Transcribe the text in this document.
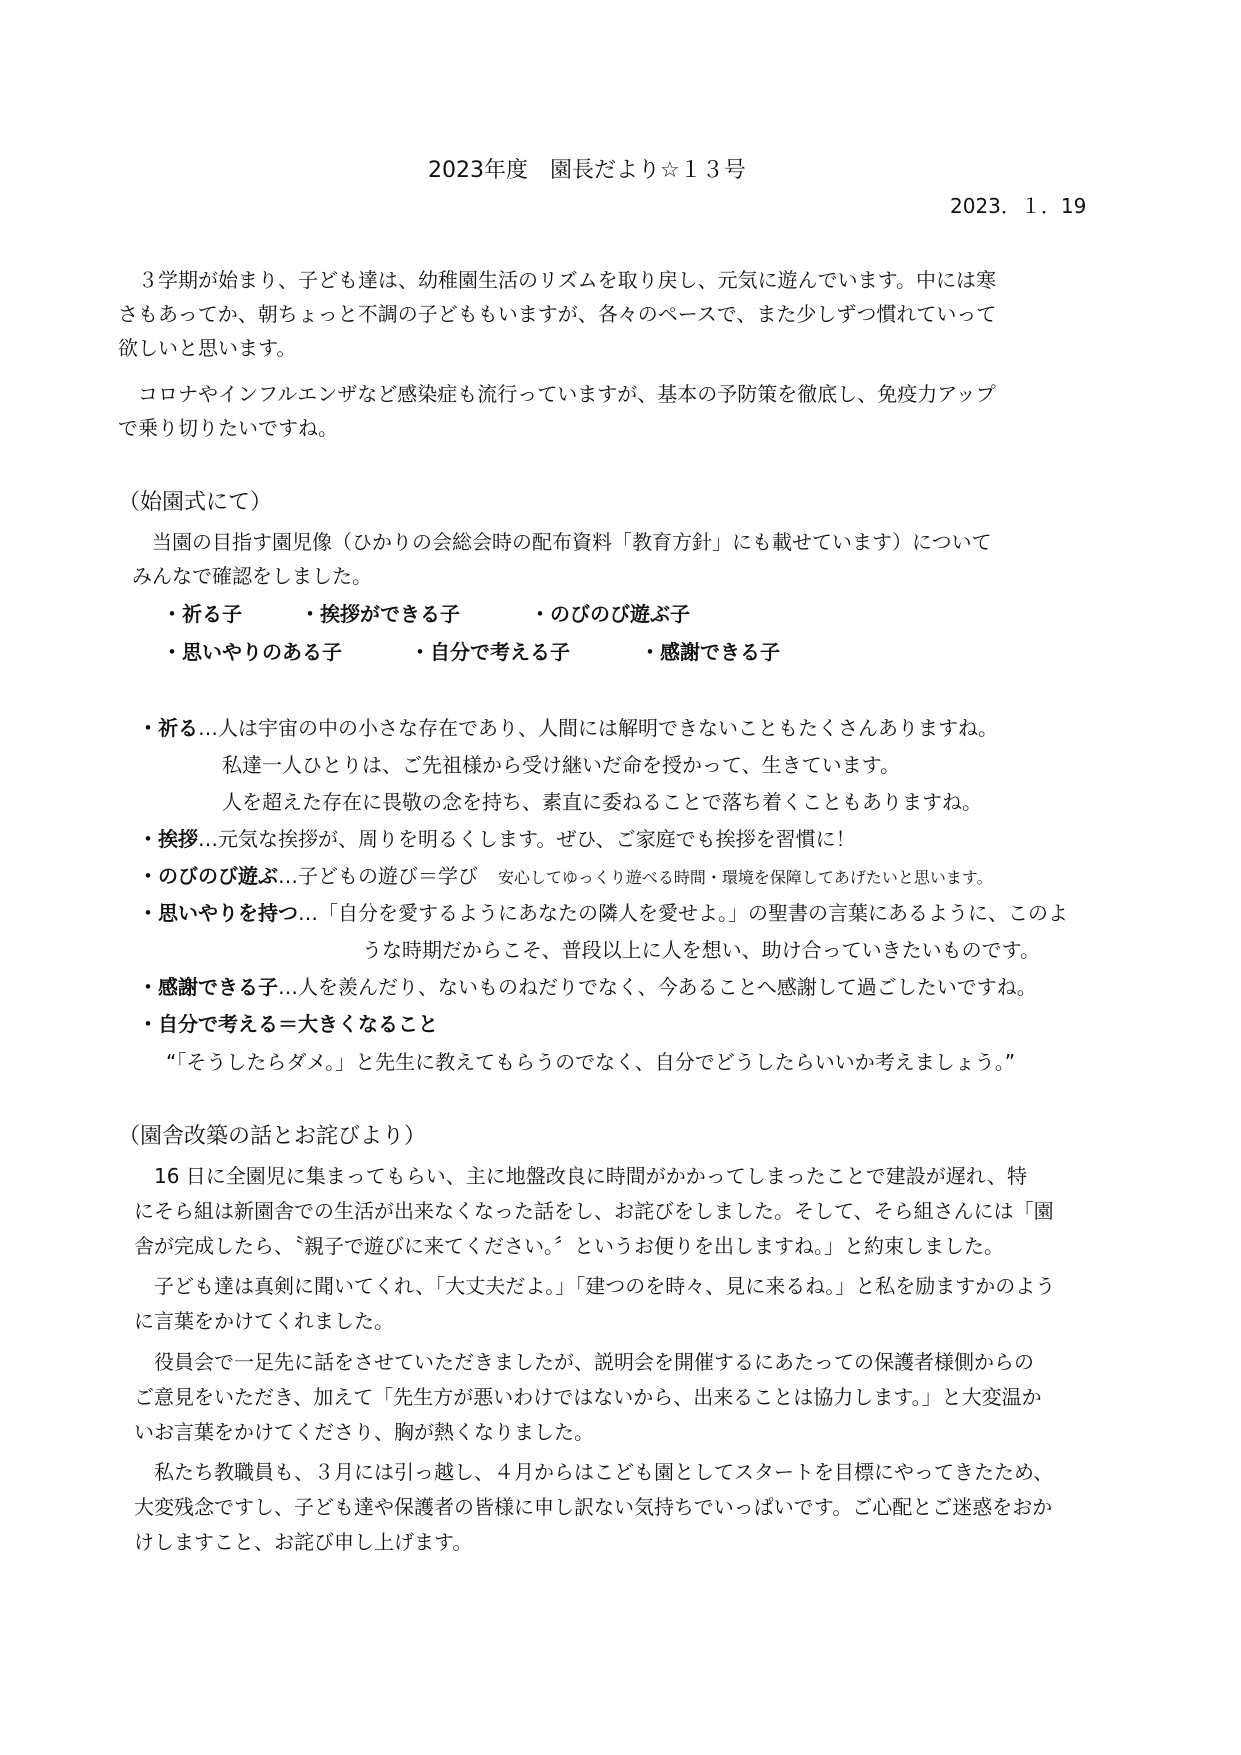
2023年度　園長だより☆１３号
2023．１．19
　３学期が始まり、子ども達は、幼稚園生活のリズムを取り戻し、元気に遊んでいます。中には寒
さもあってか、朝ちょっと不調の子どももいますが、各々のペースで、また少しずつ慣れていって
欲しいと思います。
　コロナやインフルエンザなど感染症も流行っていますが、基本の予防策を徹底し、免疫力アップ
で乗り切りたいですね。
（始園式にて）
　当園の目指す園児像（ひかりの会総会時の配布資料「教育方針」にも載せています）について
みんなで確認をしました。
・祈る子	・挨拶ができる子	・のびのび遊ぶ子
・思いやりのある子	・自分で考える子	・感謝できる子
・祈る…人は宇宙の中の小さな存在であり、人間には解明できないこともたくさんありますね。
私達一人ひとりは、ご先祖様から受け継いだ命を授かって、生きています。
人を超えた存在に畏敬の念を持ち、素直に委ねることで落ち着くこともありますね。
・挨拶…元気な挨拶が、周りを明るくします。ぜひ、ご家庭でも挨拶を習慣に！
・のびのび遊ぶ…子どもの遊び＝学び 安心してゆっくり遊べる時間・環境を保障してあげたいと思います。
・思いやりを持つ…「自分を愛するようにあなたの隣人を愛せよ。」の聖書の言葉にあるように、このよ
うな時期だからこそ、普段以上に人を想い、助け合っていきたいものです。
・感謝できる子…人を羨んだり、ないものねだりでなく、今あることへ感謝して過ごしたいですね。
・自分で考える＝大きくなること
“「そうしたらダメ。」と先生に教えてもらうのでなく、自分でどうしたらいいか考えましょう。”
（園舎改築の話とお詫びより）
　16 日に全園児に集まってもらい、主に地盤改良に時間がかかってしまったことで建設が遅れ、特
にそら組は新園舎での生活が出来なくなった話をし、お詫びをしました。そして、そら組さんには「園
舎が完成したら、〝親子で遊びに来てください。〞というお便りを出しますね。」と約束しました。
　子ども達は真剣に聞いてくれ、「大丈夫だよ。」「建つのを時々、見に来るね。」と私を励ますかのよう
に言葉をかけてくれました。
　役員会で一足先に話をさせていただきましたが、説明会を開催するにあたっての保護者様側からの
ご意見をいただき、加えて「先生方が悪いわけではないから、出来ることは協力します。」と大変温か
いお言葉をかけてくださり、胸が熱くなりました。
　私たち教職員も、３月には引っ越し、４月からはこども園としてスタートを目標にやってきたため、
大変残念ですし、子ども達や保護者の皆様に申し訳ない気持ちでいっぱいです。ご心配とご迷惑をおか
けしますこと、お詫び申し上げます。
